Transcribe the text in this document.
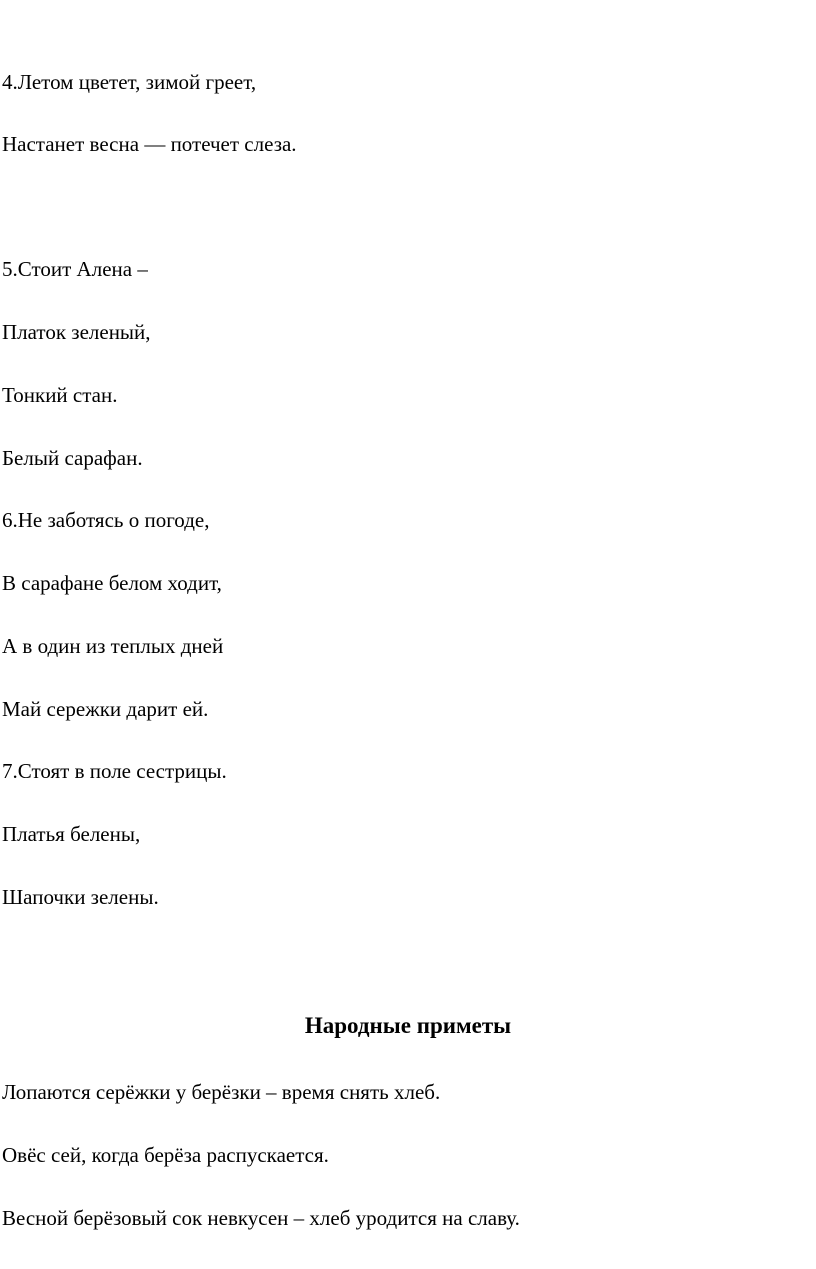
4.Летом цветет, зимой греет,
Настанет весна — потечет слеза.
5.Стоит Алена –
Платок зеленый,
Тонкий стан.
Белый сарафан.
6.Не заботясь о погоде,
В сарафане белом ходит,
А в один из теплых дней
Май сережки дарит ей.
7.Стоят в поле сестрицы.
Платья белены,
Шапочки зелены.
Народные приметы
Лопаются серёжки у берёзки – время снять хлеб.
Овёс сей, когда берёза распускается.
Весной берёзовый сок невкусен – хлеб уродится на славу.
